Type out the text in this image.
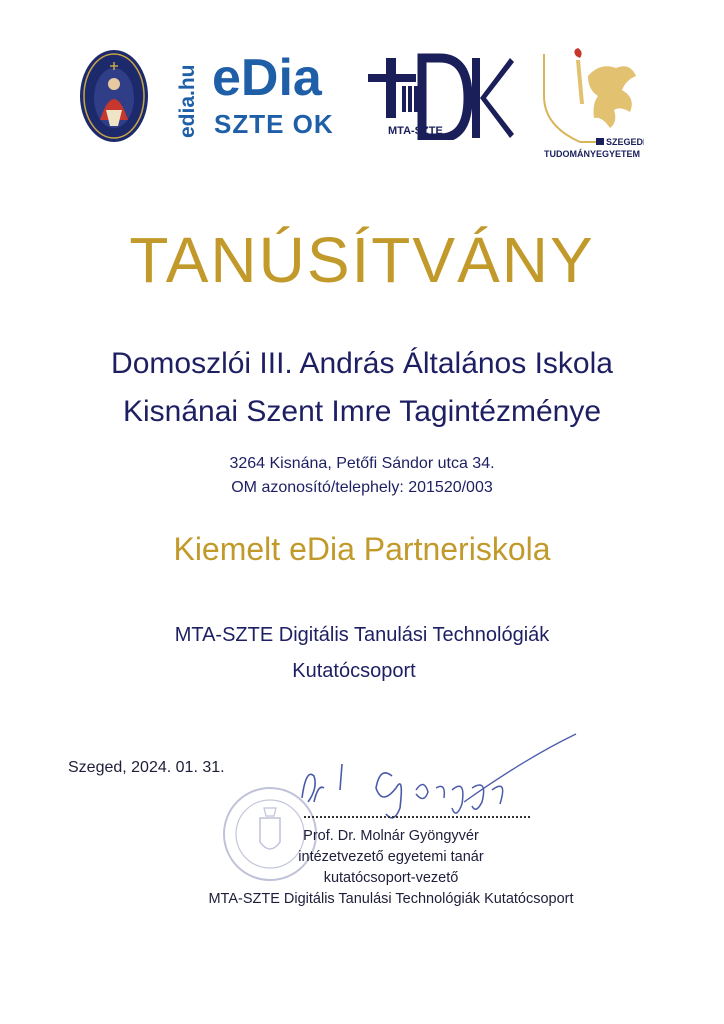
edia.hu eDia
SZTE OK	MTA-SZTE
SZEGEDI
TUDOMÁNYEGYETEM
TANÚSÍTVÁNY
Domoszlói III. András Általános Iskola
Kisnánai Szent Imre Tagintézménye
3264 Kisnána, Petőfi Sándor utca 34.
OM azonosító/telephely: 201520/003
Kiemelt eDia Partneriskola
MTA-SZTE Digitális Tanulási Technológiák
Kutatócsoport
Szeged, 2024. 01. 31.
Prof. Dr. Molnár Gyöngyvér
intézetvezető egyetemi tanár
kutatócsoport-vezető
MTA-SZTE Digitális Tanulási Technológiák Kutatócsoport
